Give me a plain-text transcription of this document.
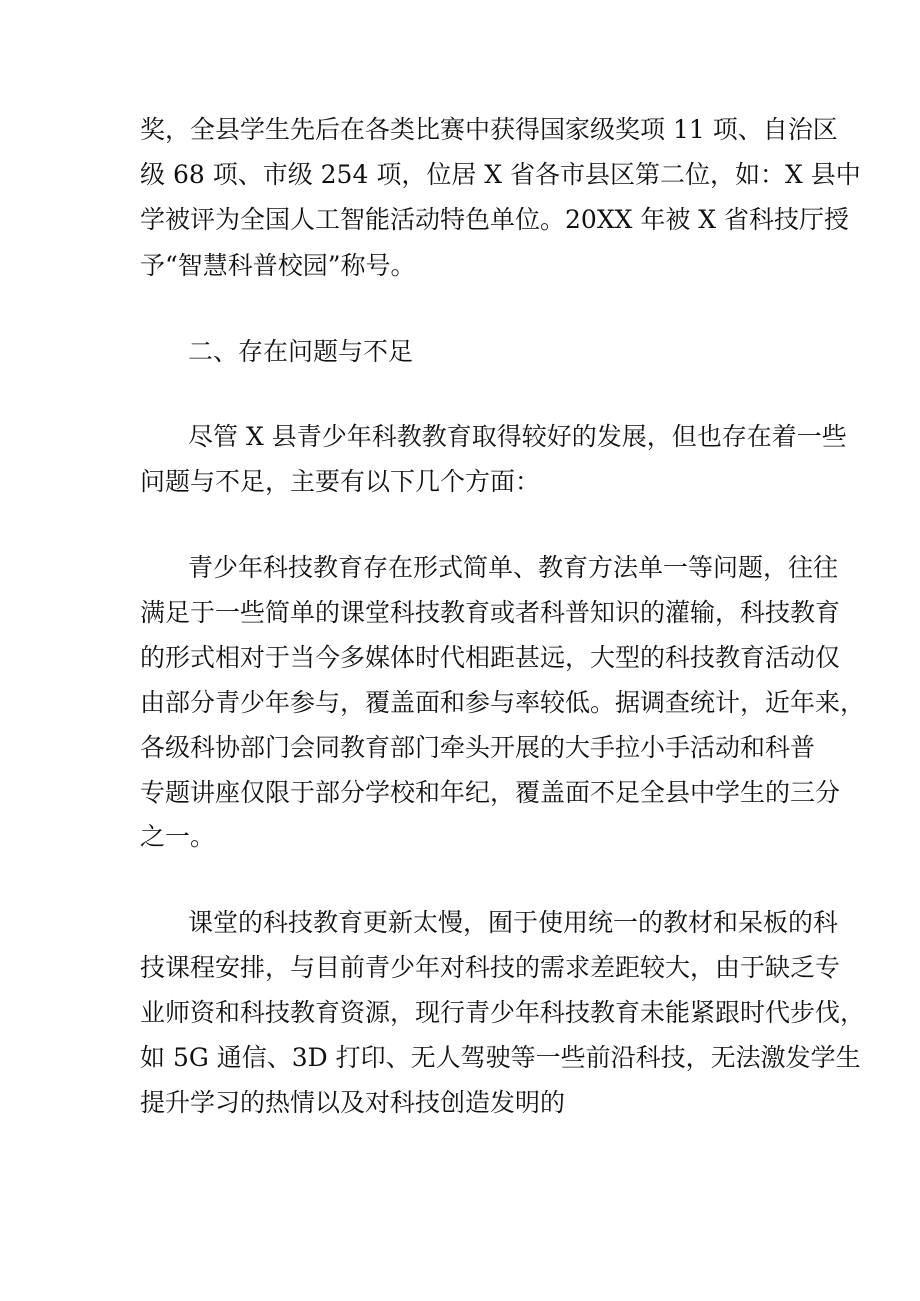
奖，全县学生先后在各类比赛中获得国家级奖项 11 项、自治区
级 68 项、市级 254 项，位居 X 省各市县区第二位，如：X 县中
学被评为全国人工智能活动特色单位。20XX 年被 X 省科技厅授
予“智慧科普校园”称号。
二、存在问题与不足
尽管 X 县青少年科教教育取得较好的发展，但也存在着一些
问题与不足，主要有以下几个方面：
青少年科技教育存在形式简单、教育方法单一等问题，往往
满足于一些简单的课堂科技教育或者科普知识的灌输，科技教育
的形式相对于当今多媒体时代相距甚远，大型的科技教育活动仅
由部分青少年参与，覆盖面和参与率较低。据调查统计，近年来，
各级科协部门会同教育部门牵头开展的大手拉小手活动和科普
专题讲座仅限于部分学校和年纪，覆盖面不足全县中学生的三分
之一。
课堂的科技教育更新太慢，囿于使用统一的教材和呆板的科
技课程安排，与目前青少年对科技的需求差距较大，由于缺乏专
业师资和科技教育资源，现行青少年科技教育未能紧跟时代步伐，
如 5G 通信、3D 打印、无人驾驶等一些前沿科技，无法激发学生
提升学习的热情以及对科技创造发明的
